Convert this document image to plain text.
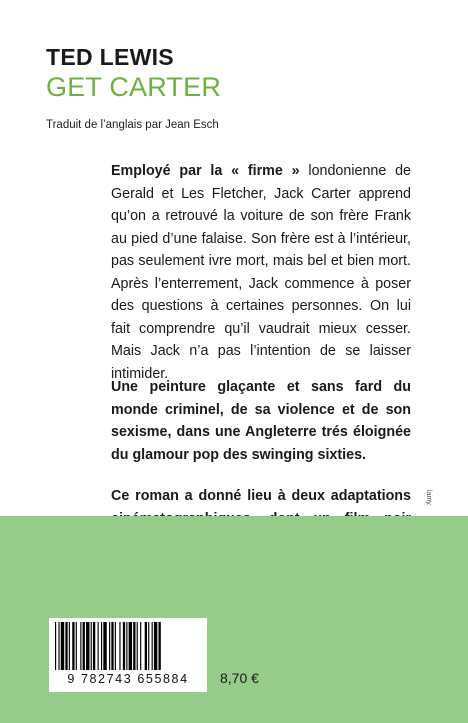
TED LEWIS
GET CARTER
Traduit de l’anglais par Jean Esch
Employé par la « firme » londonienne de Gerald et Les Fletcher, Jack Carter apprend qu’on a retrouvé la voiture de son frère Frank au pied d’une falaise. Son frère est à l’intérieur, pas seulement ivre mort, mais bel et bien mort. Après l’enterrement, Jack commence à poser des questions à certaines personnes. On lui fait comprendre qu’il vaudrait mieux cesser. Mais Jack n’a pas l’intention de se laisser intimider.
Une peinture glaçante et sans fard du monde criminel, de sa violence et de son sexisme, dans une Angleterre trés éloignée du glamour pop des swinging sixties.
Ce roman a donné lieu à deux adaptations lamy.
9 782743 655884	8,70 €
